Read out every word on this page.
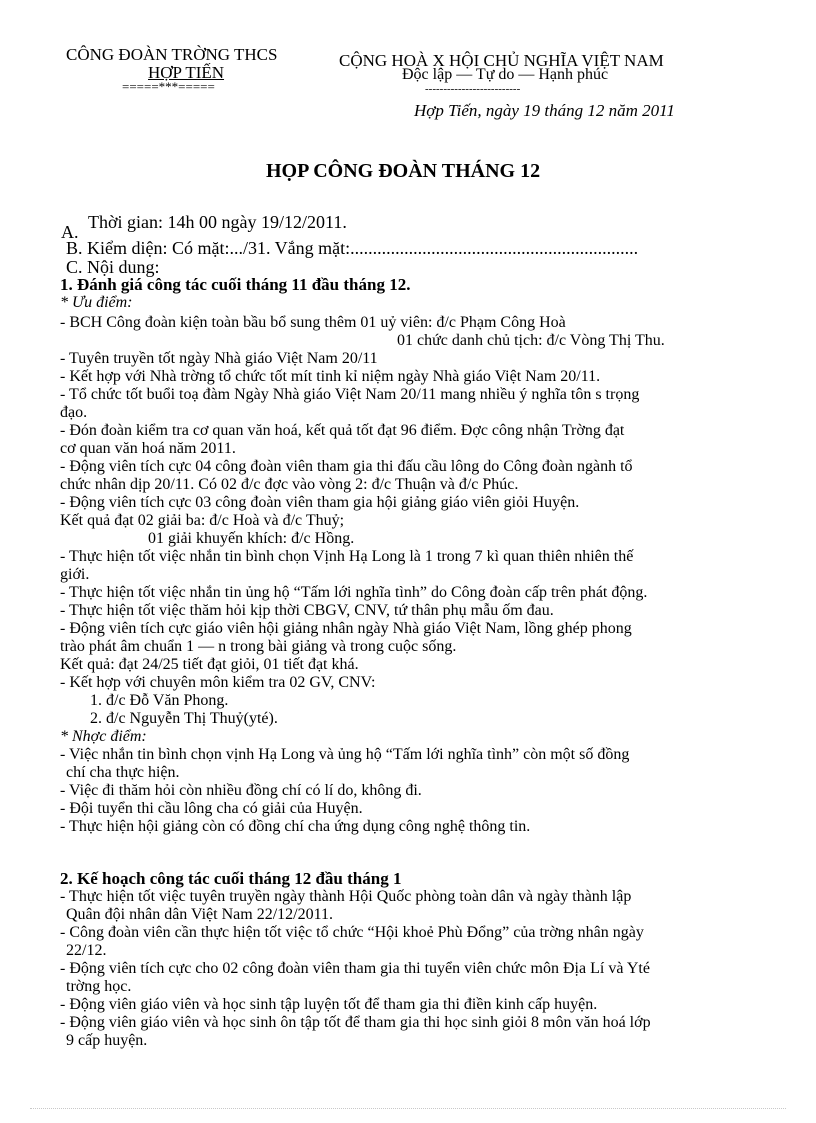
CÔNG ĐOÀN TRỜNG THCS
HỢP TIẾN
=====***=====
CỘNG HOÀ X HỘI CHỦ NGHĨA VIỆT NAM
Độc lập — Tự do — Hạnh phúc
--------------------------
Hợp Tiến, ngày 19 tháng 12 năm 2011
HỌP CÔNG ĐOÀN THÁNG 12
A. Thời gian: 14h 00 ngày 19/12/2011.
B. Kiểm diện: Có mặt:.../31. Vắng mặt:................................................................
C. Nội dung:
1. Đánh giá công tác cuối tháng 11 đầu tháng 12.
* Ưu điểm:
- BCH Công đoàn kiện toàn bầu bổ sung thêm 01 uỷ viên: đ/c Phạm Công Hoà
01 chức danh chủ tịch: đ/c Vòng Thị Thu.
- Tuyên truyền tốt ngày Nhà giáo Việt Nam 20/11
- Kết hợp với Nhà trờng tổ chức tốt mít tinh kỉ niệm ngày Nhà giáo Việt Nam 20/11.
- Tổ chức tốt buổi toạ đàm Ngày Nhà giáo Việt Nam 20/11 mang nhiều ý nghĩa tôn s trọng
đạo.
- Đón đoàn kiểm tra cơ quan văn hoá, kết quả tốt đạt 96 điểm. Đợc công nhận Trờng đạt
cơ quan văn hoá năm 2011.
- Động viên tích cực 04 công đoàn viên tham gia thi đấu cầu lông do Công đoàn ngành tổ
chức nhân dịp 20/11. Có 02 đ/c đợc vào vòng 2: đ/c Thuận và đ/c Phúc.
- Động viên tích cực 03 công đoàn viên tham gia hội giảng giáo viên giỏi Huyện.
Kết quả đạt 02 giải ba: đ/c Hoà và đ/c Thuỷ;
01 giải khuyến khích: đ/c Hồng.
- Thực hiện tốt việc nhắn tin bình chọn Vịnh Hạ Long là 1 trong 7 kì quan thiên nhiên thế
giới.
- Thực hiện tốt việc nhắn tin ủng hộ “Tấm lới nghĩa tình” do Công đoàn cấp trên phát động.
- Thực hiện tốt việc thăm hỏi kịp thời CBGV, CNV, tứ thân phụ mẫu ốm đau.
- Động viên tích cực giáo viên hội giảng nhân ngày Nhà giáo Việt Nam, lồng ghép phong
trào phát âm chuẩn 1 — n trong bài giảng và trong cuộc sống.
Kết quả: đạt 24/25 tiết đạt giỏi, 01 tiết đạt khá.
- Kết hợp với chuyên môn kiểm tra 02 GV, CNV:
1. đ/c Đỗ Văn Phong.
2. đ/c Nguyễn Thị Thuỷ(yté).
* Nhợc điểm:
- Việc nhắn tin bình chọn vịnh Hạ Long và ủng hộ “Tấm lới nghĩa tình” còn một số đồng
chí cha thực hiện.
- Việc đi thăm hỏi còn nhiều đồng chí có lí do, không đi.
- Đội tuyển thi cầu lông cha có giải của Huyện.
- Thực hiện hội giảng còn có đồng chí cha ứng dụng công nghệ thông tin.
2. Kế hoạch công tác cuối tháng 12 đầu tháng 1
- Thực hiện tốt việc tuyên truyền ngày thành Hội Quốc phòng toàn dân và ngày thành lập
Quân đội nhân dân Việt Nam 22/12/2011.
- Công đoàn viên cần thực hiện tốt việc tổ chức “Hội khoẻ Phù Đổng” của trờng nhân ngày
22/12.
- Động viên tích cực cho 02 công đoàn viên tham gia thi tuyển viên chức môn Địa Lí và Yté
trờng học.
- Động viên giáo viên và học sinh tập luyện tốt để tham gia thi điền kinh cấp huyện.
- Động viên giáo viên và học sinh ôn tập tốt để tham gia thi học sinh giỏi 8 môn văn hoá lớp
9 cấp huyện.
